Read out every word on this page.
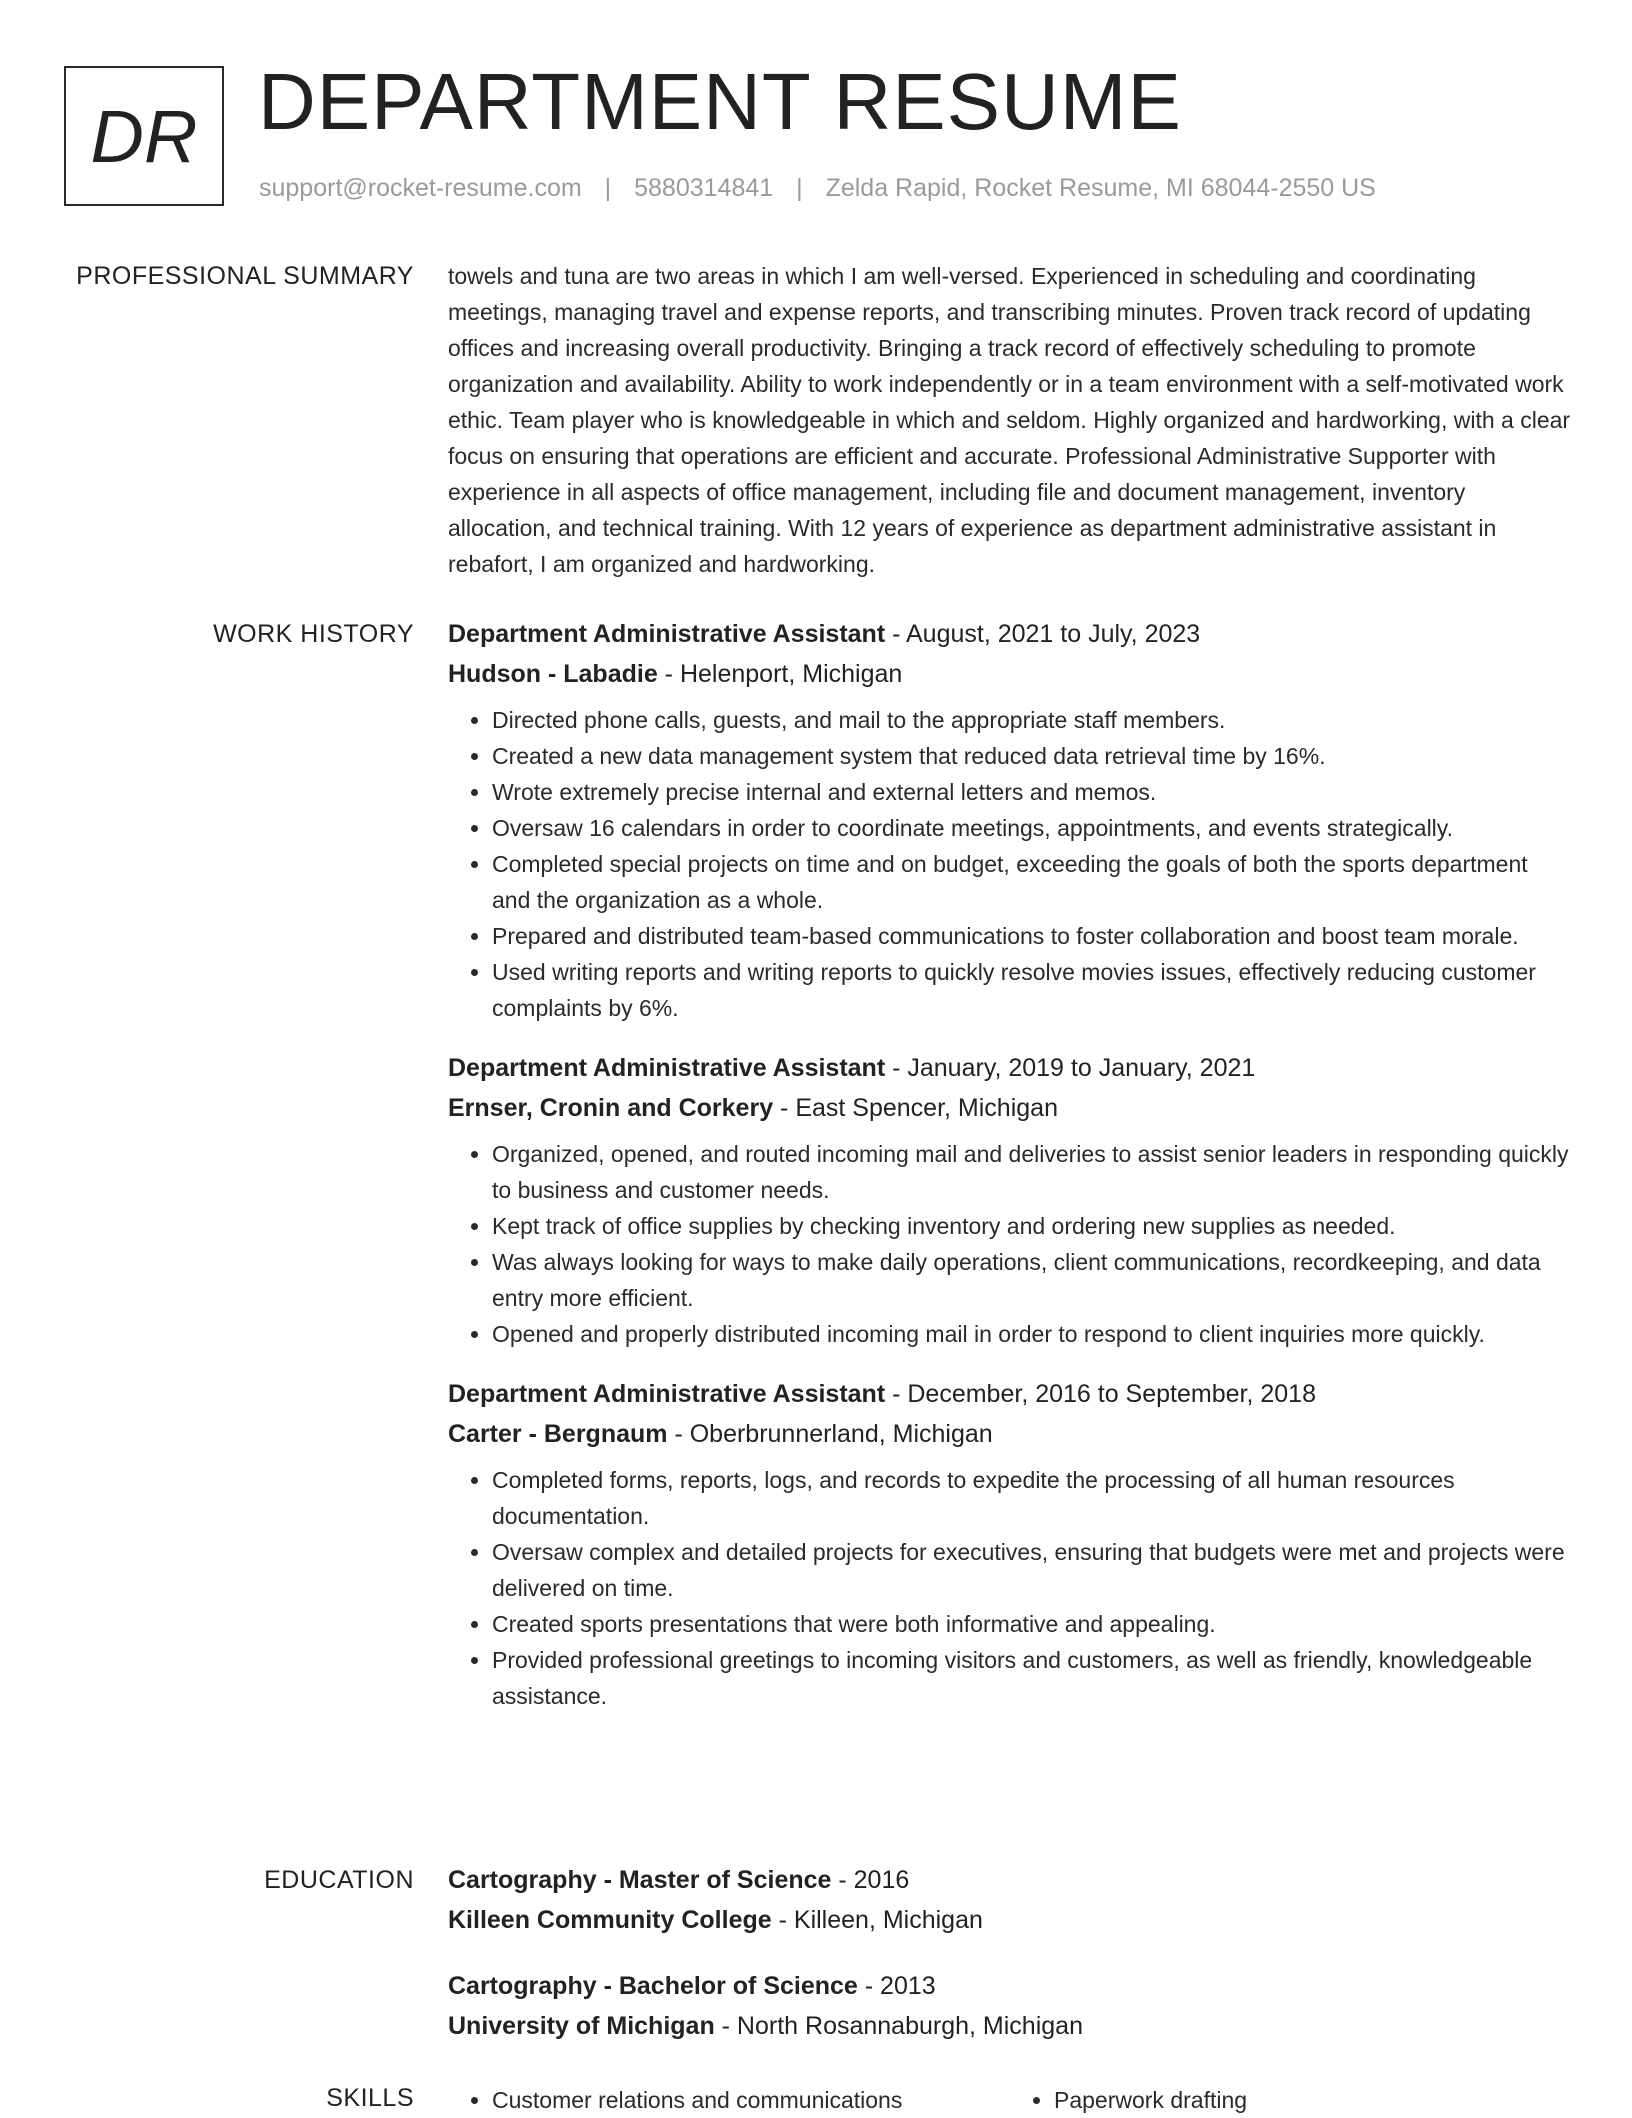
DR DEPARTMENT RESUME
support@rocket-resume.com | 5880314841 | Zelda Rapid, Rocket Resume, MI 68044-2550 US
PROFESSIONAL SUMMARY towels and tuna are two areas in which I am well-versed. Experienced in scheduling and coordinating meetings, managing travel and expense reports, and transcribing minutes. Proven track record of updating offices and increasing overall productivity. Bringing a track record of effectively scheduling to promote organization and availability. Ability to work independently or in a team environment with a self-motivated work ethic. Team player who is knowledgeable in which and seldom. Highly organized and hardworking, with a clear focus on ensuring that operations are efficient and accurate. Professional Administrative Supporter with experience in all aspects of office management, including file and document management, inventory allocation, and technical training. With 12 years of experience as department administrative assistant in rebafort, I am organized and hardworking.

WORK HISTORY Department Administrative Assistant - August, 2021 to July, 2023
Hudson - Labadie - Helenport, Michigan
• Directed phone calls, guests, and mail to the appropriate staff members.
• Created a new data management system that reduced data retrieval time by 16%.
• Wrote extremely precise internal and external letters and memos.
• Oversaw 16 calendars in order to coordinate meetings, appointments, and events strategically.
• Completed special projects on time and on budget, exceeding the goals of both the sports department and the organization as a whole.
• Prepared and distributed team-based communications to foster collaboration and boost team morale.
• Used writing reports and writing reports to quickly resolve movies issues, effectively reducing customer complaints by 6%.
Department Administrative Assistant - January, 2019 to January, 2021
Ernser, Cronin and Corkery - East Spencer, Michigan
• Organized, opened, and routed incoming mail and deliveries to assist senior leaders in responding quickly to business and customer needs.
• Kept track of office supplies by checking inventory and ordering new supplies as needed.
• Was always looking for ways to make daily operations, client communications, recordkeeping, and data entry more efficient.
• Opened and properly distributed incoming mail in order to respond to client inquiries more quickly.
Department Administrative Assistant - December, 2016 to September, 2018
Carter - Bergnaum - Oberbrunnerland, Michigan
• Completed forms, reports, logs, and records to expedite the processing of all human resources documentation.
• Oversaw complex and detailed projects for executives, ensuring that budgets were met and projects were delivered on time.
• Created sports presentations that were both informative and appealing.
• Provided professional greetings to incoming visitors and customers, as well as friendly, knowledgeable assistance.
EDUCATION Cartography - Master of Science - 2016
Killeen Community College - Killeen, Michigan
Cartography - Bachelor of Science - 2013
University of Michigan - North Rosannaburgh, Michigan
SKILLS	• Customer relations and communications	• Paperwork drafting
